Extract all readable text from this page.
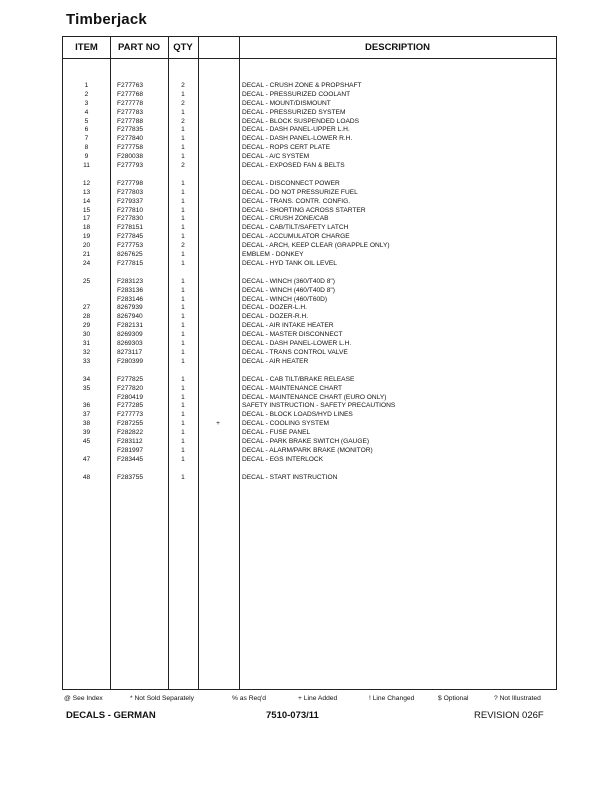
Timberjack
ITEM	PART NO	QTY	DESCRIPTION
1	F277763	2	DECAL - CRUSH ZONE & PROPSHAFT
2	F277768	1	DECAL - PRESSURIZED COOLANT
3	F277778	2	DECAL - MOUNT/DISMOUNT
4	F277783	1	DECAL - PRESSURIZED SYSTEM
5	F277788	2	DECAL - BLOCK SUSPENDED LOADS
6	F277835	1	DECAL - DASH PANEL-UPPER L.H.
7	F277840	1	DECAL - DASH PANEL-LOWER R.H.
8	F277758	1	DECAL - ROPS CERT PLATE
9	F280038	1	DECAL - A/C SYSTEM
11	F277793	2	DECAL - EXPOSED FAN & BELTS
12	F277798	1	DECAL - DISCONNECT POWER
13	F277803	1	DECAL - DO NOT PRESSURIZE FUEL
14	F279337	1	DECAL - TRANS. CONTR. CONFIG.
15	F277810	1	DECAL - SHORTING ACROSS STARTER
17	F277830	1	DECAL - CRUSH ZONE/CAB
18	F278151	1	DECAL - CAB/TILT/SAFETY LATCH
19	F277845	1	DECAL - ACCUMULATOR CHARGE
20	F277753	2	DECAL - ARCH, KEEP CLEAR (GRAPPLE ONLY)
21	8267625	1	EMBLEM - DONKEY
24	F277815	1	DECAL - HYD TANK OIL LEVEL
25	F283123	1	DECAL - WINCH (360/T40D 8")
F283136	1	DECAL - WINCH (460/T40D 8")
F283146	1	DECAL - WINCH (460/T60D)
27	8267939	1	DECAL - DOZER-L.H.
28	8267940	1	DECAL - DOZER-R.H.
29	F282131	1	DECAL - AIR INTAKE HEATER
30	8269309	1	DECAL - MASTER DISCONNECT
31	8269303	1	DECAL - DASH PANEL-LOWER L.H.
32	8273117	1	DECAL - TRANS CONTROL VALVE
33	F280399	1	DECAL - AIR HEATER
34	F277825	1	DECAL - CAB TILT/BRAKE RELEASE
35	F277820	1	DECAL - MAINTENANCE CHART
F280419	1	DECAL - MAINTENANCE CHART (EURO ONLY)
36	F277285	1	SAFETY INSTRUCTION - SAFETY PRECAUTIONS
37	F277773	1	DECAL - BLOCK LOADS/HYD LINES
38	F287255	1	+	DECAL - COOLING SYSTEM
39	F282822	1	DECAL - FUSE PANEL
45	F283112	1	DECAL - PARK BRAKE SWITCH (GAUGE)
F281997	1	DECAL - ALARM/PARK BRAKE (MONITOR)
47	F283445	1	DECAL - EGS INTERLOCK
48	F283755	1	DECAL - START INSTRUCTION
@ See Index	* Not Sold Separately	% as Req'd	+ Line Added	! Line Changed	$ Optional	? Not Illustrated
DECALS - GERMAN	7510-073/11	REVISION 026F
